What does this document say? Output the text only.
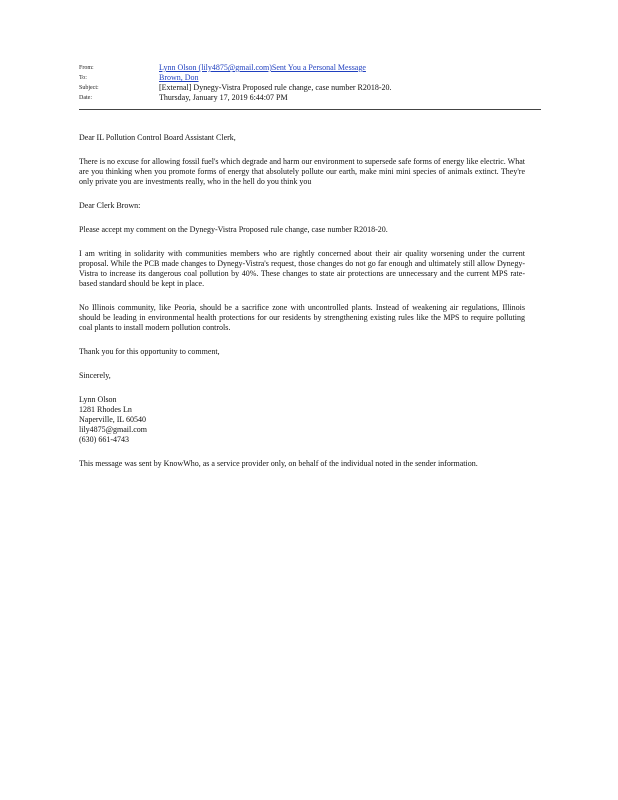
From:	Lynn Olson (lily4875@gmail.com)Sent You a Personal Message
To:	Brown, Don
Subject:	[External] Dynegy-Vistra Proposed rule change, case number R2018-20.
Date:	Thursday, January 17, 2019 6:44:07 PM

Dear IL Pollution Control Board Assistant Clerk,

There is no excuse for allowing fossil fuel's which degrade and harm our environment to supersede safe forms of energy like electric. What are you thinking when you promote forms of energy that absolutely pollute our earth, make mini mini species of animals extinct. They're only private you are investments really, who in the hell do you think you

Dear Clerk Brown:

Please accept my comment on the Dynegy-Vistra Proposed rule change, case number R2018-20.

I am writing in solidarity with communities members who are rightly concerned about their air quality worsening under the current proposal. While the PCB made changes to Dynegy-Vistra's request, those changes do not go far enough and ultimately still allow Dynegy-Vistra to increase its dangerous coal pollution by 40%. These changes to state air protections are unnecessary and the current MPS rate-based standard should be kept in place.

No Illinois community, like Peoria, should be a sacrifice zone with uncontrolled plants. Instead of weakening air regulations, Illinois should be leading in environmental health protections for our residents by strengthening existing rules like the MPS to require polluting coal plants to install modern pollution controls.

Thank you for this opportunity to comment,

Sincerely,

Lynn Olson
1281 Rhodes Ln
Naperville, IL 60540
lily4875@gmail.com
(630) 661-4743

This message was sent by KnowWho, as a service provider only, on behalf of the individual noted in the sender information.
